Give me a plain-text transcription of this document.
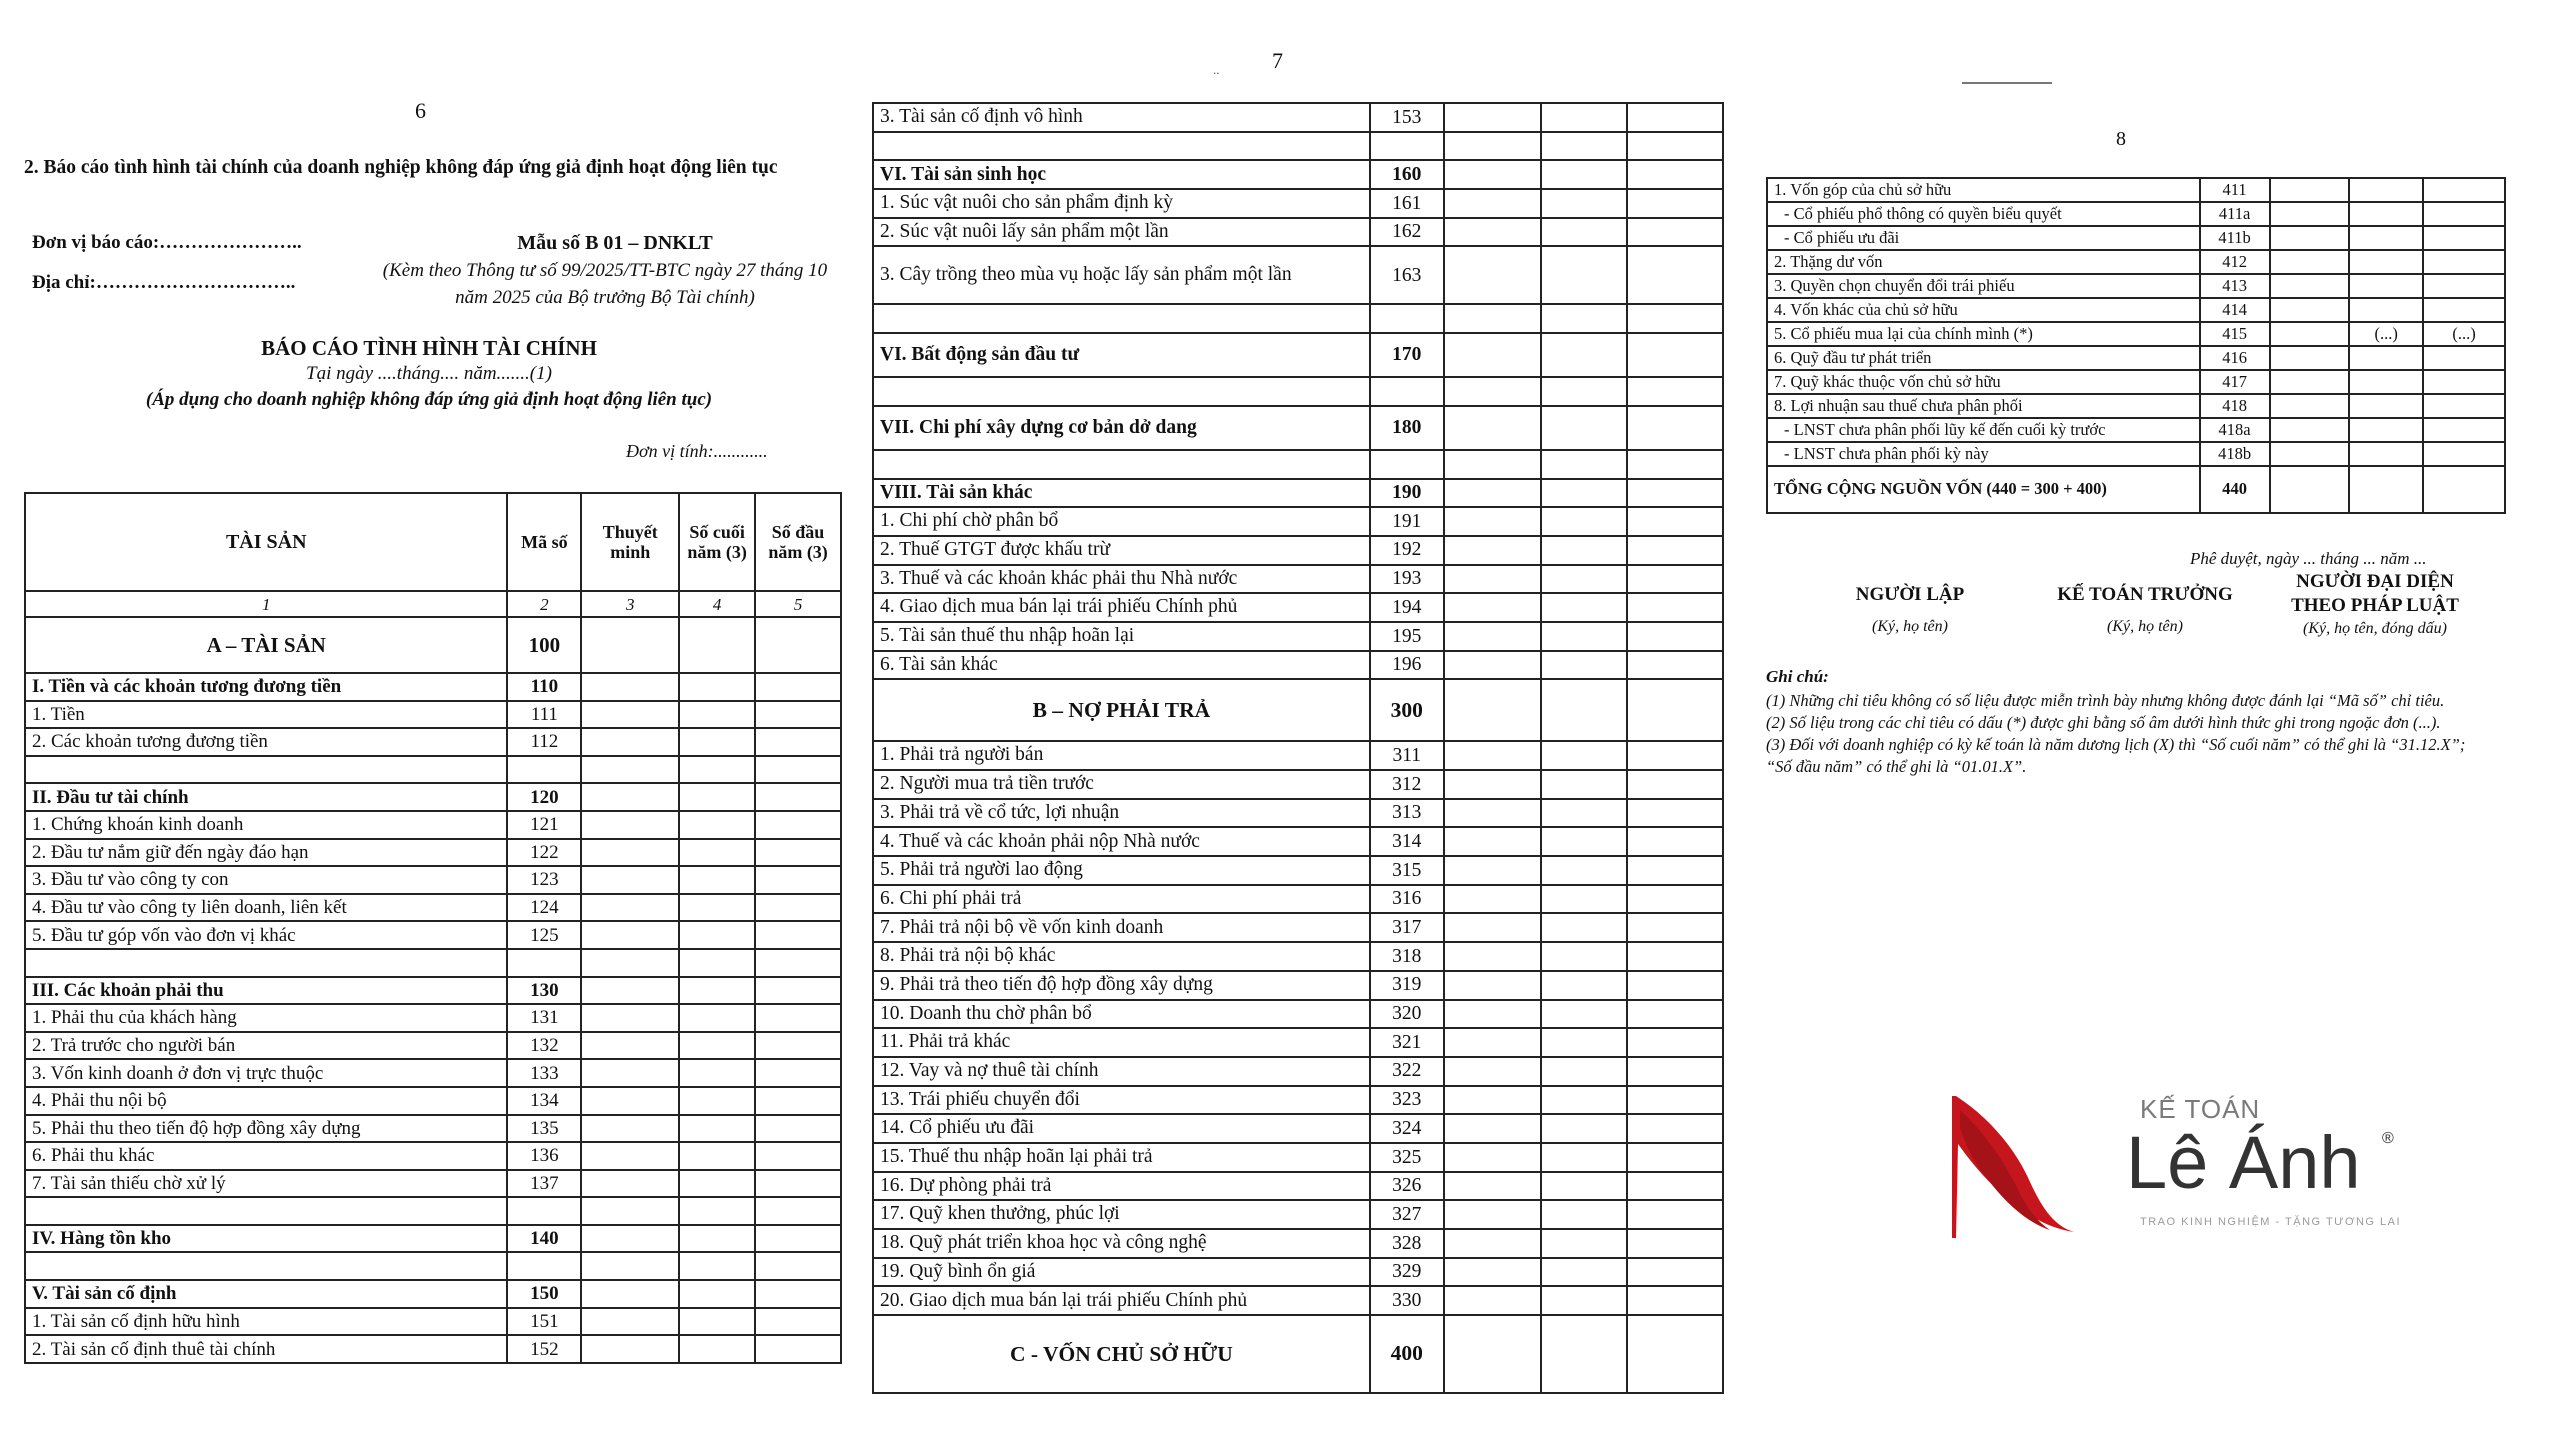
6
2. Báo cáo tình hình tài chính của doanh nghiệp không đáp ứng giả định hoạt động liên tục
Đơn vị báo cáo:…………………..
Địa chỉ:…………………………..
Mẫu số B 01 – DNKLT
(Kèm theo Thông tư số 99/2025/TT-BTC ngày 27 tháng 10 năm 2025 của Bộ trưởng Bộ Tài chính)
BÁO CÁO TÌNH HÌNH TÀI CHÍNH
Tại ngày ....tháng.... năm.......(1)
(Áp dụng cho doanh nghiệp không đáp ứng giả định hoạt động liên tục)
Đơn vị tính:............
TÀI SẢN	Mã số	Thuyết minh	Số cuối năm (3)	Số đầu năm (3)
1	2	3	4	5
A – TÀI SẢN	100			
I. Tiền và các khoản tương đương tiền	110			
1. Tiền	111			
2. Các khoản tương đương tiền	112			

II. Đầu tư tài chính	120			
1. Chứng khoán kinh doanh	121			
2. Đầu tư nắm giữ đến ngày đáo hạn	122			
3. Đầu tư vào công ty con	123			
4. Đầu tư vào công ty liên doanh, liên kết	124			
5. Đầu tư góp vốn vào đơn vị khác	125			

III. Các khoản phải thu	130			
1. Phải thu của khách hàng	131			
2. Trả trước cho người bán	132			
3. Vốn kinh doanh ở đơn vị trực thuộc	133			
4. Phải thu nội bộ	134			
5. Phải thu theo tiến độ hợp đồng xây dựng	135			
6. Phải thu khác	136			
7. Tài sản thiếu chờ xử lý	137			

IV. Hàng tồn kho	140			

V. Tài sản cố định	150			
1. Tài sản cố định hữu hình	151			
2. Tài sản cố định thuê tài chính	152			
.. 7
3. Tài sản cố định vô hình	153			

VI. Tài sản sinh học	160			
1. Súc vật nuôi cho sản phẩm định kỳ	161			
2. Súc vật nuôi lấy sản phẩm một lần	162			
3. Cây trồng theo mùa vụ hoặc lấy sản phẩm một lần	163			

VI. Bất động sản đầu tư	170			

VII. Chi phí xây dựng cơ bản dở dang	180			

VIII. Tài sản khác	190			
1. Chi phí chờ phân bổ	191			
2. Thuế GTGT được khấu trừ	192			
3. Thuế và các khoản khác phải thu Nhà nước	193			
4. Giao dịch mua bán lại trái phiếu Chính phủ	194			
5. Tài sản thuế thu nhập hoãn lại	195			
6. Tài sản khác	196			
B – NỢ PHẢI TRẢ	300			
1. Phải trả người bán	311			
2. Người mua trả tiền trước	312			
3. Phải trả về cổ tức, lợi nhuận	313			
4. Thuế và các khoản phải nộp Nhà nước	314			
5. Phải trả người lao động	315			
6. Chi phí phải trả	316			
7. Phải trả nội bộ về vốn kinh doanh	317			
8. Phải trả nội bộ khác	318			
9. Phải trả theo tiến độ hợp đồng xây dựng	319			
10. Doanh thu chờ phân bổ	320			
11. Phải trả khác	321			
12. Vay và nợ thuê tài chính	322			
13. Trái phiếu chuyển đổi	323			
14. Cổ phiếu ưu đãi	324			
15. Thuế thu nhập hoãn lại phải trả	325			
16. Dự phòng phải trả	326			
17. Quỹ khen thưởng, phúc lợi	327			
18. Quỹ phát triển khoa học và công nghệ	328			
19. Quỹ bình ổn giá	329			
20. Giao dịch mua bán lại trái phiếu Chính phủ	330			
C - VỐN CHỦ SỞ HỮU	400			
8
1. Vốn góp của chủ sở hữu	411			
- Cổ phiếu phổ thông có quyền biểu quyết	411a			
- Cổ phiếu ưu đãi	411b			
2. Thặng dư vốn	412			
3. Quyền chọn chuyển đổi trái phiếu	413			
4. Vốn khác của chủ sở hữu	414			
5. Cổ phiếu mua lại của chính mình (*)	415		(...)	(...)
6. Quỹ đầu tư phát triển	416			
7. Quỹ khác thuộc vốn chủ sở hữu	417			
8. Lợi nhuận sau thuế chưa phân phối	418			
- LNST chưa phân phối lũy kế đến cuối kỳ trước	418a			
- LNST chưa phân phối kỳ này	418b			
TỔNG CỘNG NGUỒN VỐN (440 = 300 + 400)	440			
Phê duyệt, ngày ... tháng ... năm ...
NGƯỜI LẬP
(Ký, họ tên)
KẾ TOÁN TRƯỞNG
(Ký, họ tên)
NGƯỜI ĐẠI DIỆN THEO PHÁP LUẬT
(Ký, họ tên, đóng dấu)
Ghi chú:
(1) Những chỉ tiêu không có số liệu được miễn trình bày nhưng không được đánh lại “Mã số” chỉ tiêu.
(2) Số liệu trong các chỉ tiêu có dấu (*) được ghi bằng số âm dưới hình thức ghi trong ngoặc đơn (...).
(3) Đối với doanh nghiệp có kỳ kế toán là năm dương lịch (X) thì “Số cuối năm” có thể ghi là “31.12.X”; “Số đầu năm” có thể ghi là “01.01.X”.
KẾ TOÁN
Lê Ánh ®
TRAO KINH NGHIỆM - TẶNG TƯƠNG LAI
